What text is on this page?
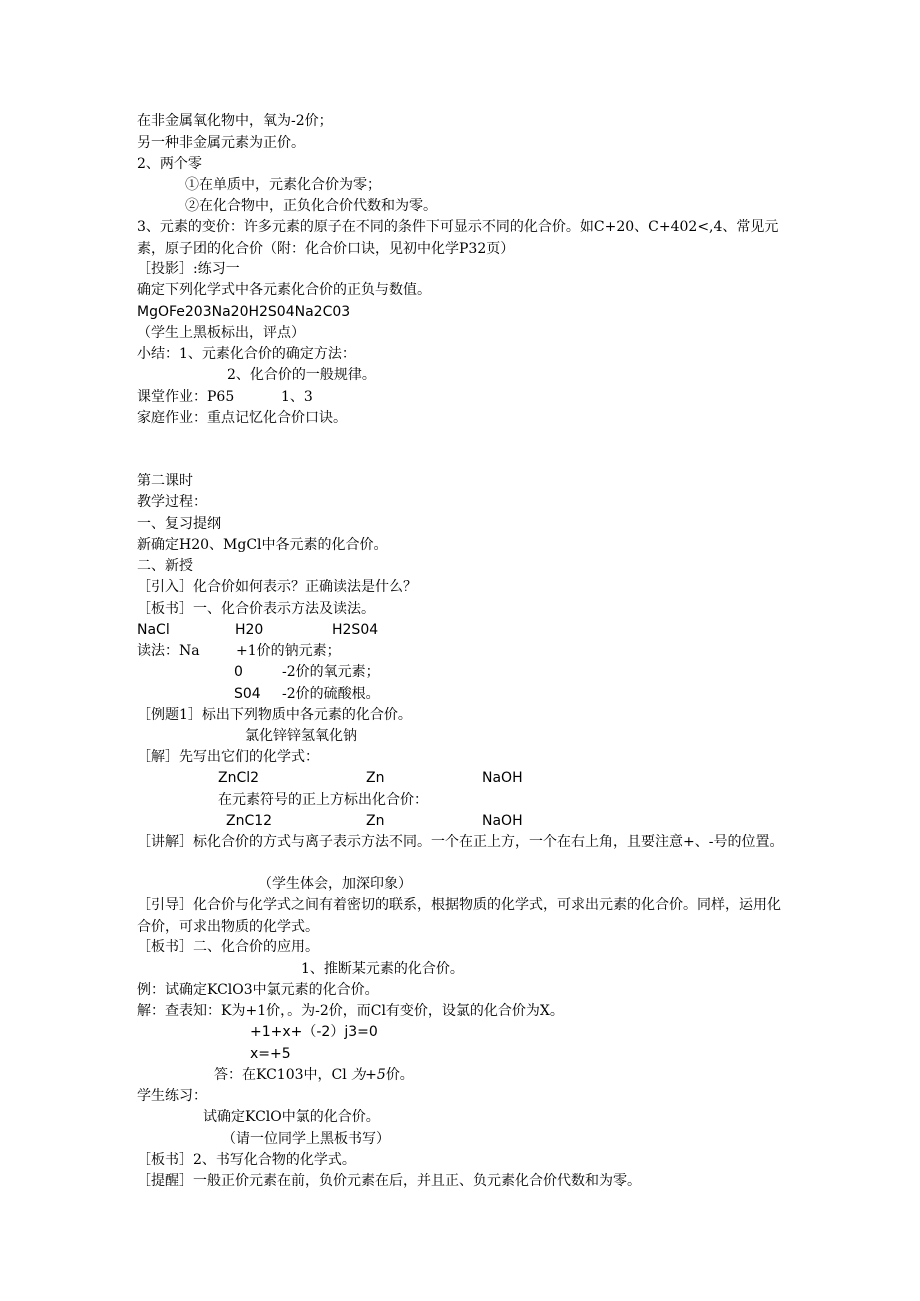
在非金属氧化物中，氧为-2价；
另一种非金属元素为正价。
2、两个零
①在单质中，元素化合价为零；
②在化合物中，正负化合价代数和为零。
3、元素的变价：许多元素的原子在不同的条件下可显示不同的化合价。如C+20、C+402<,4、常见元素，原子团的化合价（附：化合价口诀，见初中化学P32页）
［投影］:练习一
确定下列化学式中各元素化合价的正负与数值。
MgOFe203Na20H2S04Na2C03
（学生上黑板标出，评点）
小结：1、元素化合价的确定方法：
2、化合价的一般规律。
课堂作业：P65	1、3
家庭作业：重点记忆化合价口诀。
第二课时
教学过程：
一、复习提纲
新确定H20、MgCl中各元素的化合价。
二、新授
［引入］化合价如何表示？正确读法是什么？
［板书］一、化合价表示方法及读法。
NaCl	H20	H2S04
读法：Na	+1价的钠元素；
0	-2价的氧元素；
S04 -2价的硫酸根。
［例题1］标出下列物质中各元素的化合价。
氯化锌锌氢氧化钠
［解］先写出它们的化学式：
ZnCl2	Zn	NaOH
在元素符号的正上方标出化合价：
ZnC12	Zn	NaOH
［讲解］标化合价的方式与离子表示方法不同。一个在正上方，一个在右上角，且要注意+、-号的位置。
（学生体会，加深印象）
［引导］化合价与化学式之间有着密切的联系，根据物质的化学式，可求出元素的化合价。同样，运用化合价，可求出物质的化学式。
［板书］二、化合价的应用。
1、推断某元素的化合价。
例：试确定KClO3中氯元素的化合价。
解：查表知：K为+1价，。为-2价，而Cl有变价，设氯的化合价为X。
+1+x+（-2）j3=0
x=+5
答：在KC103中，Cl 为+5价。
学生练习：
试确定KClO中氯的化合价。
（请一位同学上黑板书写）
［板书］2、书写化合物的化学式。
［提醒］一般正价元素在前，负价元素在后，并且正、负元素化合价代数和为零。
